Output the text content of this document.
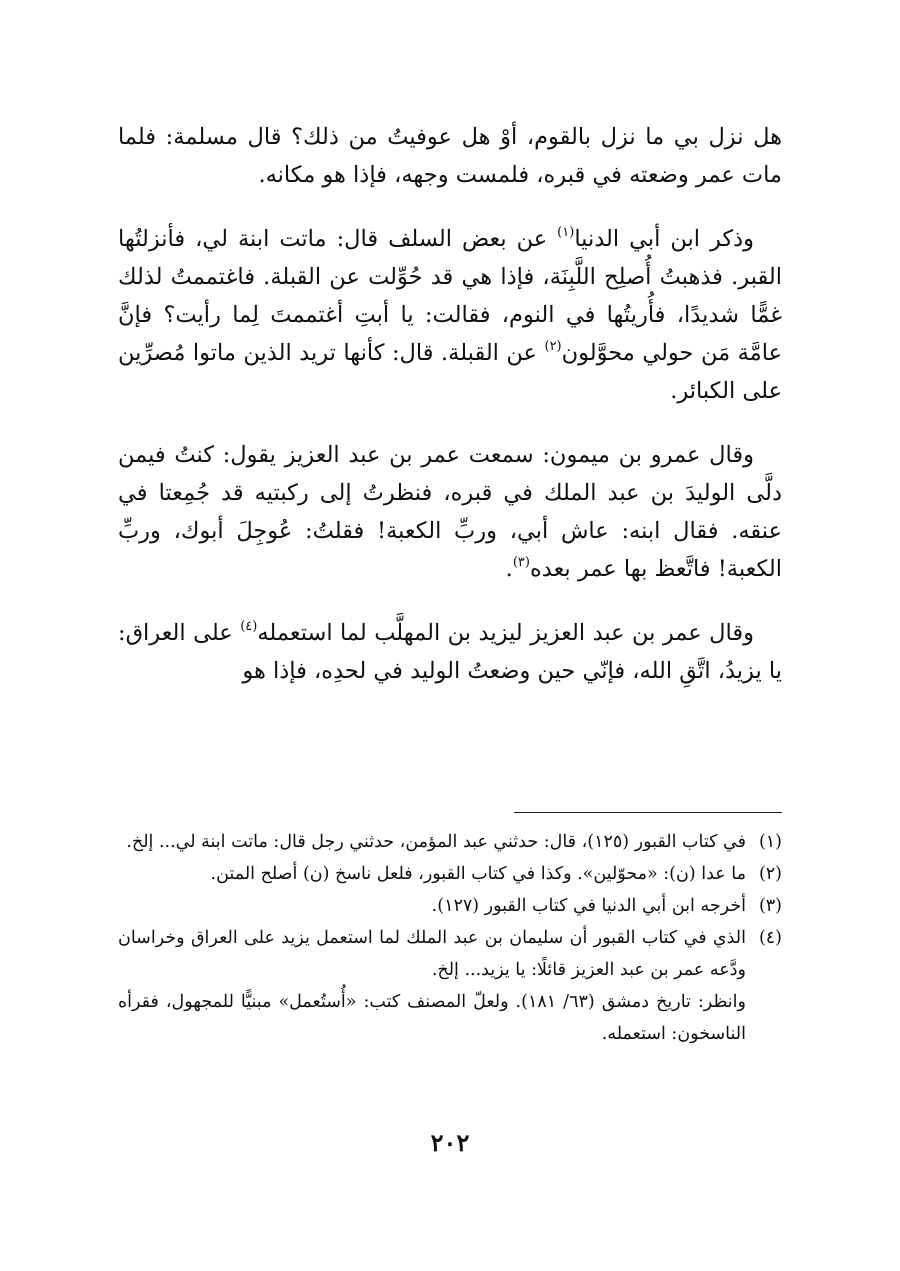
هل نزل بي ما نزل بالقوم، أوْ هل عوفيتُ من ذلك؟ قال مسلمة: فلما مات عمر وضعته في قبره، فلمست وجهه، فإذا هو مكانه.

وذكر ابن أبي الدنيا$^{(١)}$ عن بعض السلف قال: ماتت ابنة لي، فأنزلتُها القبر. فذهبتُ أُصلِح اللَّبِنَة، فإذا هي قد حُوِّلت عن القبلة. فاغتممتُ لذلك غمًّا شديدًا، فأُريتُها في النوم، فقالت: يا أبتِ أغتممتَ لِما رأيت؟ فإنَّ عامَّة مَن حولي محوَّلون$^{(٢)}$ عن القبلة. قال: كأنها تريد الذين ماتوا مُصرِّين على الكبائر.

وقال عمرو بن ميمون: سمعت عمر بن عبد العزيز يقول: كنتُ فيمن دلَّى الوليدَ بن عبد الملك في قبره، فنظرتُ إلى ركبتيه قد جُمِعتا في عنقه. فقال ابنه: عاش أبي، وربِّ الكعبة! فقلتُ: عُوجِلَ أبوك، وربِّ الكعبة! فاتَّعظ بها عمر بعده$^{(٣)}$.

وقال عمر بن عبد العزيز ليزيد بن المهلَّب لما استعمله$^{(٤)}$ على العراق: يا يزيدُ، اتَّقِ الله، فإنّي حين وضعتُ الوليد في لحدِه، فإذا هو

(١)
في كتاب القبور (١٢٥)، قال: حدثني عبد المؤمن، حدثني رجل قال: ماتت ابنة لي... إلخ.
(٢)
ما عدا (ن): «محوّلين». وكذا في كتاب القبور، فلعل ناسخ (ن) أصلح المتن.
(٣)
أخرجه ابن أبي الدنيا في كتاب القبور (١٢٧).
(٤)
الذي في كتاب القبور أن سليمان بن عبد الملك لما استعمل يزيد على العراق وخراسان ودَّعه عمر بن عبد العزيز قائلًا: يا يزيد... إلخ.
وانظر: تاريخ دمشق (٦٣/ ١٨١). ولعلّ المصنف كتب: «أُستُعمل» مبنيًّا للمجهول، فقرأه الناسخون: استعمله.
٢٠٢
